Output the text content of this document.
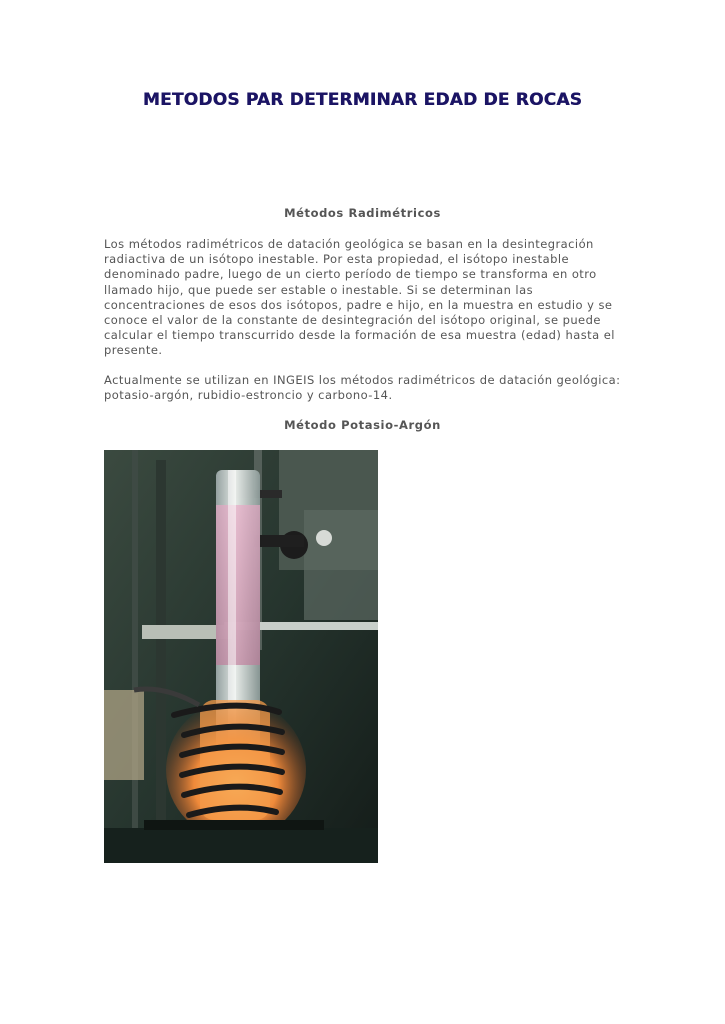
METODOS PAR DETERMINAR EDAD DE ROCAS
Métodos Radimétricos

Los métodos radimétricos de datación geológica se basan en la desintegración radiactiva de un isótopo inestable. Por esta propiedad, el isótopo inestable denominado padre, luego de un cierto período de tiempo se transforma en otro llamado hijo, que puede ser estable o inestable. Si se determinan las concentraciones de esos dos isótopos, padre e hijo, en la muestra en estudio y se conoce el valor de la constante de desintegración del isótopo original, se puede calcular el tiempo transcurrido desde la formación de esa muestra (edad) hasta el presente.

Actualmente se utilizan en INGEIS los métodos radimétricos de datación geológica: potasio-argón, rubidio-estroncio y carbono-14.

Método Potasio-Argón
